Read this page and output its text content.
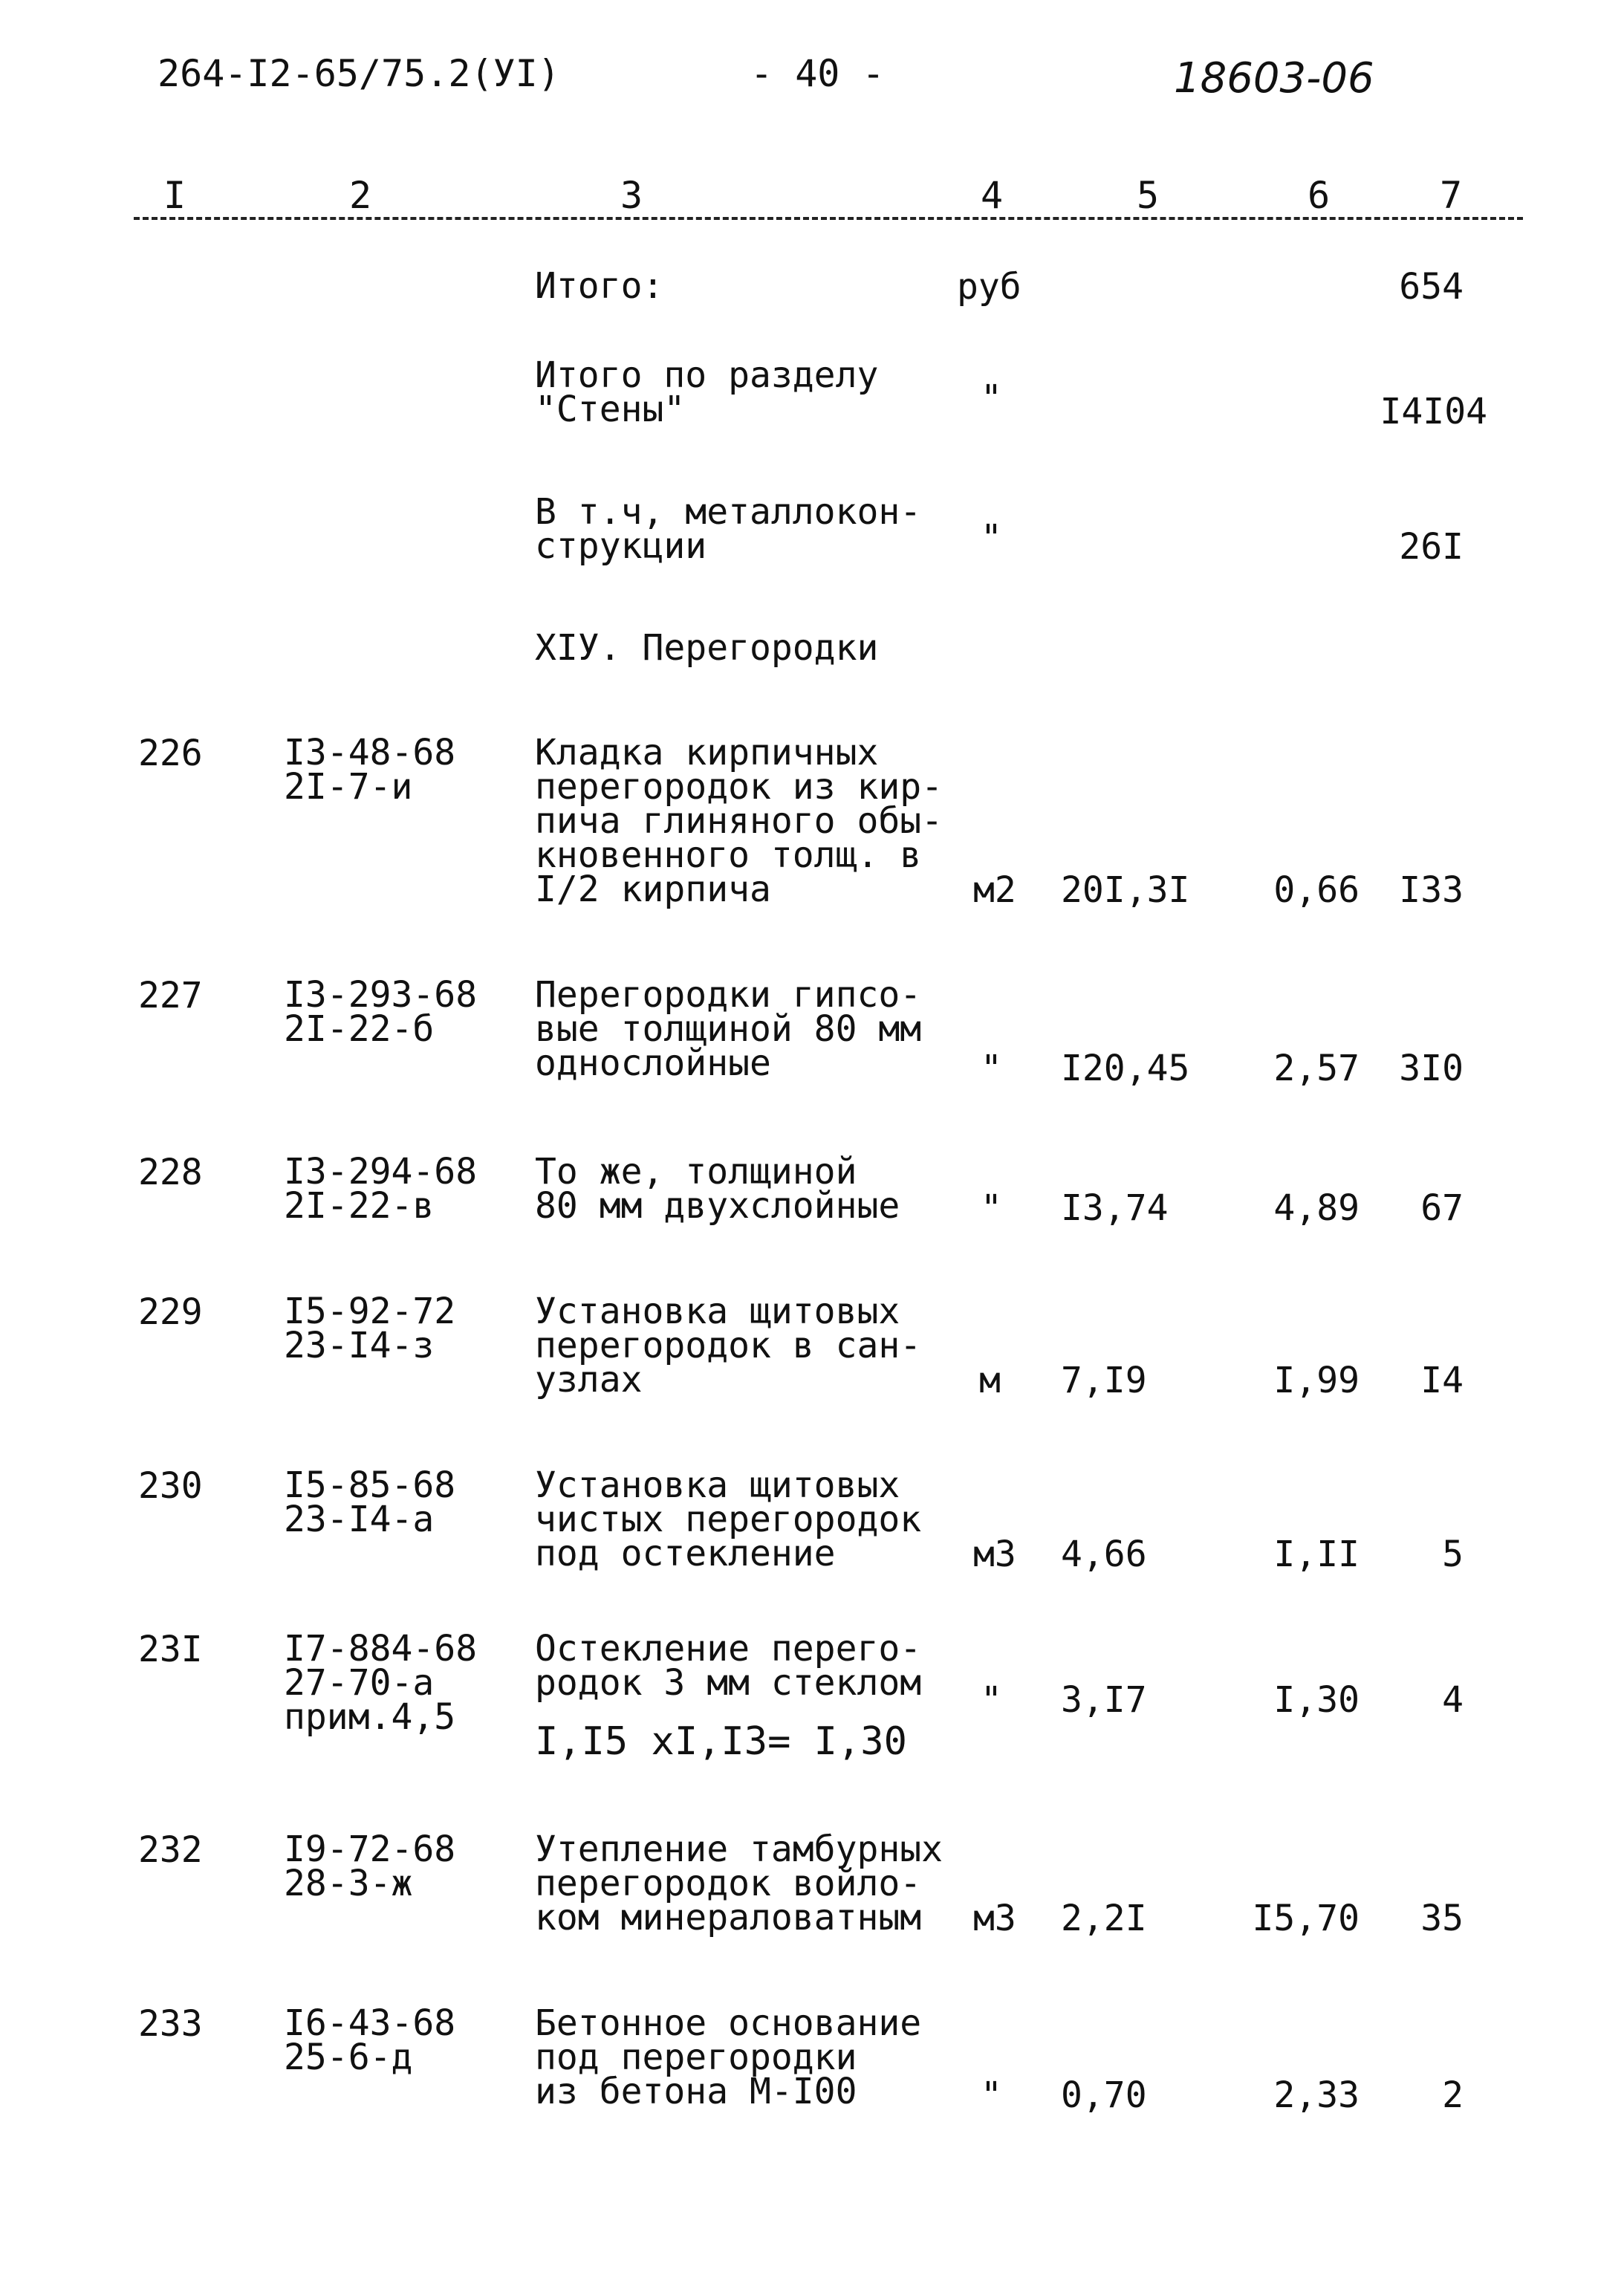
264-I2-65/75.2(УI)	- 40 -	18603-06
I	2	3	4	5	6	7
Итого:	руб	654
Итого по разделу
"Стены"	"	I4I04
В т.ч, металлокон-
струкции	"	26I
XIУ. Перегородки
226 I3-48-68
2I-7-и
Кладка кирпичных
перегородок из кир-
пича глиняного обы-
кновенного толщ. в
I/2 кирпича	м2 20I,3I	0,66	I33
227 I3-293-68
2I-22-б
Перегородки гипсо-
вые толщиной 80 мм
однослойные	" I20,45	2,57	3I0
228 I3-294-68
2I-22-в
То же, толщиной
80 мм двухслойные " I3,74	4,89	67
229 I5-92-72
23-I4-з
Установка щитовых
перегородок в сан-
узлах	м 7,I9	I,99	I4
230 I5-85-68
23-I4-а
Установка щитовых
чистых перегородок
под остекление	м3 4,66	I,II	5
23I I7-884-68
27-70-а
прим.4,5
Остекление перего-
родок 3 мм стеклом
I,I5 хI,I3= I,30
" 3,I7	I,30	4
232 I9-72-68
28-3-ж
Утепление тамбурных
перегородок войло-
ком минераловатным	м3 2,2I	I5,70	35
233 I6-43-68
25-6-д
Бетонное основание
под перегородки
из бетона М-I00	" 0,70	2,33	2
